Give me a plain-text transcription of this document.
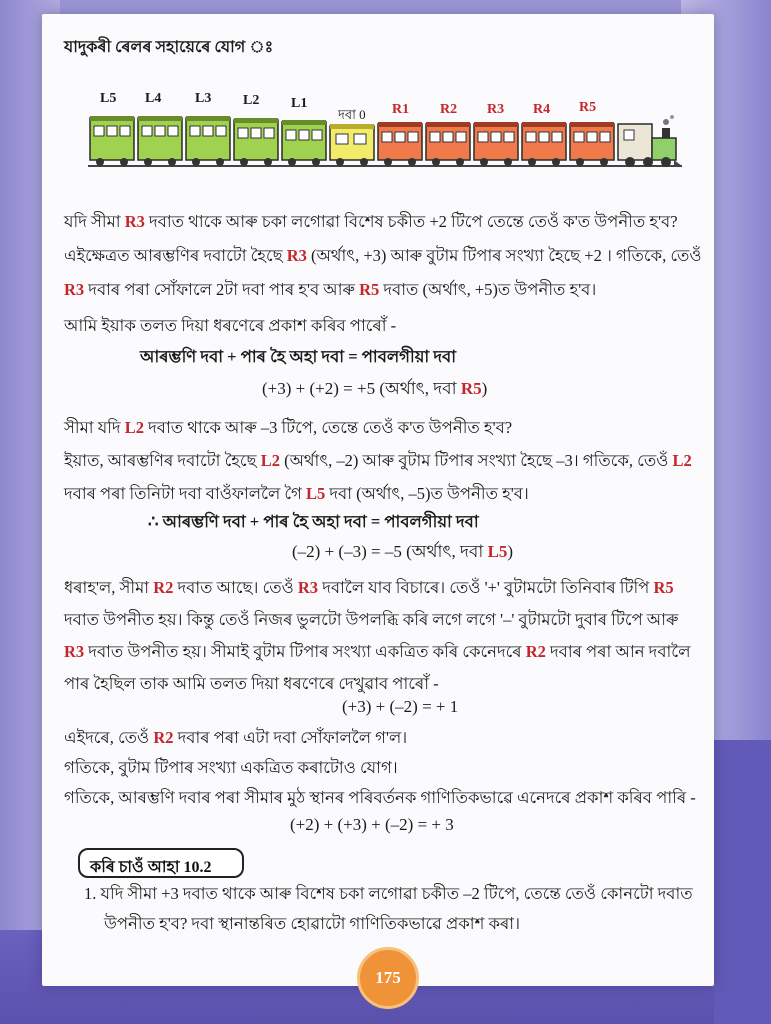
যাদুকৰী ৰেলৰ সহায়েৰে যোগ ঃ
L5 L4 L3 L2 L1
দবা 0 R1 R2 R3 R4 R5
যদি সীমা R3 দবাত থাকে আৰু চকা লগোৱা বিশেষ চকীত +2 টিপে তেন্তে তেওঁ ক'ত উপনীত হ'ব?
এইক্ষেত্ৰত আৰম্ভণিৰ দবাটো হৈছে R3 (অৰ্থাৎ, +3) আৰু বুটাম টিপাৰ সংখ্যা হৈছে +2 । গতিকে, তেওঁ
R3 দবাৰ পৰা সোঁফালে 2টা দবা পাৰ হ'ব আৰু R5 দবাত (অৰ্থাৎ, +5)ত উপনীত হ'ব।
আমি ইয়াক তলত দিয়া ধৰণেৰে প্ৰকাশ কৰিব পাৰোঁ -
আৰম্ভণি দবা + পাৰ হৈ অহা দবা = পাবলগীয়া দবা
(+3) + (+2) = +5 (অৰ্থাৎ, দবা R5)
সীমা যদি L2 দবাত থাকে আৰু –3 টিপে, তেন্তে তেওঁ ক'ত উপনীত হ'ব?
ইয়াত, আৰম্ভণিৰ দবাটো হৈছে L2 (অৰ্থাৎ, –2) আৰু বুটাম টিপাৰ সংখ্যা হৈছে –3। গতিকে, তেওঁ L2
দবাৰ পৰা তিনিটা দবা বাওঁফাললৈ গৈ L5 দবা (অৰ্থাৎ, –5)ত উপনীত হ'ব।
∴ আৰম্ভণি দবা + পাৰ হৈ অহা দবা = পাবলগীয়া দবা
(–2) + (–3) = –5 (অৰ্থাৎ, দবা L5)
ধৰাহ'ল, সীমা R2 দবাত আছে। তেওঁ R3 দবালৈ যাব বিচাৰে। তেওঁ '+' বুটামটো তিনিবাৰ টিপি R5
দবাত উপনীত হয়। কিন্তু তেওঁ নিজৰ ভুলটো উপলব্ধি কৰি লগে লগে '–' বুটামটো দুবাৰ টিপে আৰু
R3 দবাত উপনীত হয়। সীমাই বুটাম টিপাৰ সংখ্যা একত্ৰিত কৰি কেনেদৰে R2 দবাৰ পৰা আন দবালৈ
পাৰ হৈছিল তাক আমি তলত দিয়া ধৰণেৰে দেখুৱাব পাৰোঁ -
(+3) + (–2) = + 1
এইদৰে, তেওঁ R2 দবাৰ পৰা এটা দবা সোঁফাললৈ গ'ল।
গতিকে, বুটাম টিপাৰ সংখ্যা একত্ৰিত কৰাটোও যোগ।
গতিকে, আৰম্ভণি দবাৰ পৰা সীমাৰ মুঠ স্থানৰ পৰিবৰ্তনক গাণিতিকভাৱে এনেদৰে প্ৰকাশ কৰিব পাৰি -
(+2) + (+3) + (–2) = + 3
কৰি চাওঁ আহা 10.2
1. যদি সীমা +3 দবাত থাকে আৰু বিশেষ চকা লগোৱা চকীত –2 টিপে, তেন্তে তেওঁ কোনটো দবাত
উপনীত হ'ব? দবা স্থানান্তৰিত হোৱাটো গাণিতিকভাৱে প্ৰকাশ কৰা।
175
